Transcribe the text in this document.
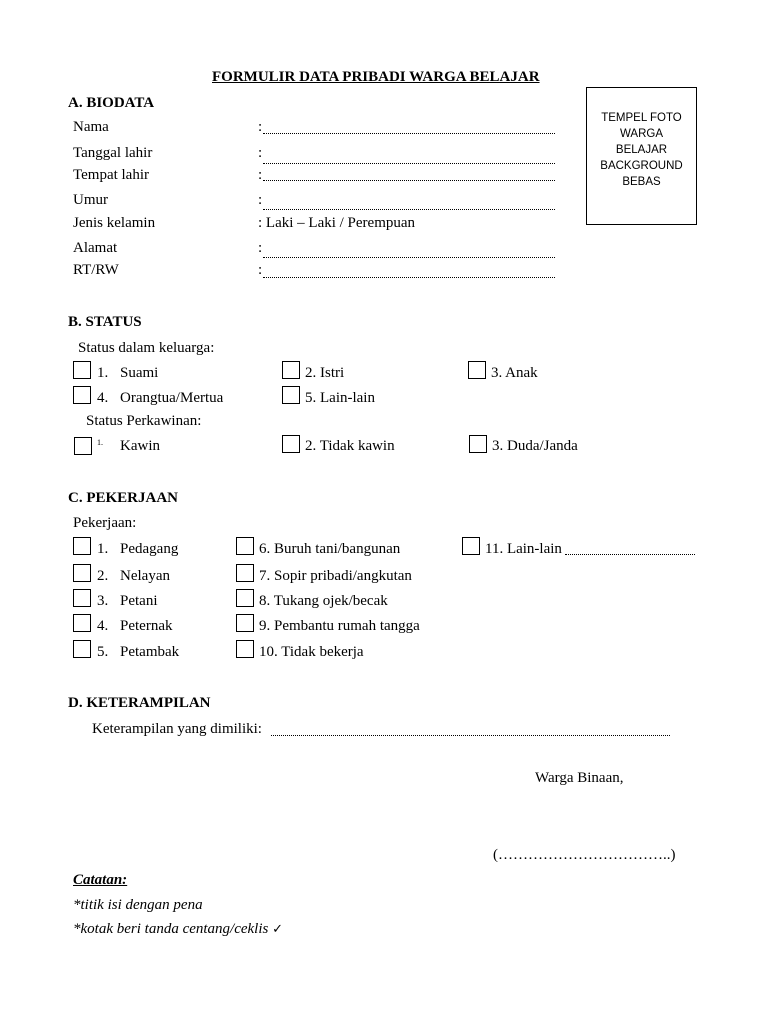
FORMULIR DATA PRIBADI WARGA BELAJAR
TEMPEL FOTO
WARGA
BELAJAR
BACKGROUND
BEBAS
A. BIODATA
Nama	:
Tanggal lahir	:
Tempat lahir	:
Umur	:
Jenis kelamin	: Laki – Laki / Perempuan
Alamat	:
RT/RW	:
B. STATUS
Status dalam keluarga:
1. Suami	2. Istri	3. Anak
4. Orangtua/Mertua	5. Lain-lain
Status Perkawinan:
1. Kawin	2. Tidak kawin	3. Duda/Janda
C. PEKERJAAN
Pekerjaan:
1. Pedagang	6. Buruh tani/bangunan	11. Lain-lain
2. Nelayan	7. Sopir pribadi/angkutan
3. Petani	8. Tukang ojek/becak
4. Peternak	9. Pembantu rumah tangga
5. Petambak	10. Tidak bekerja
D. KETERAMPILAN
Keterampilan yang dimiliki:
Warga Binaan,
(……………………………..)
Catatan:
*titik isi dengan pena
*kotak beri tanda centang/ceklis ✓
